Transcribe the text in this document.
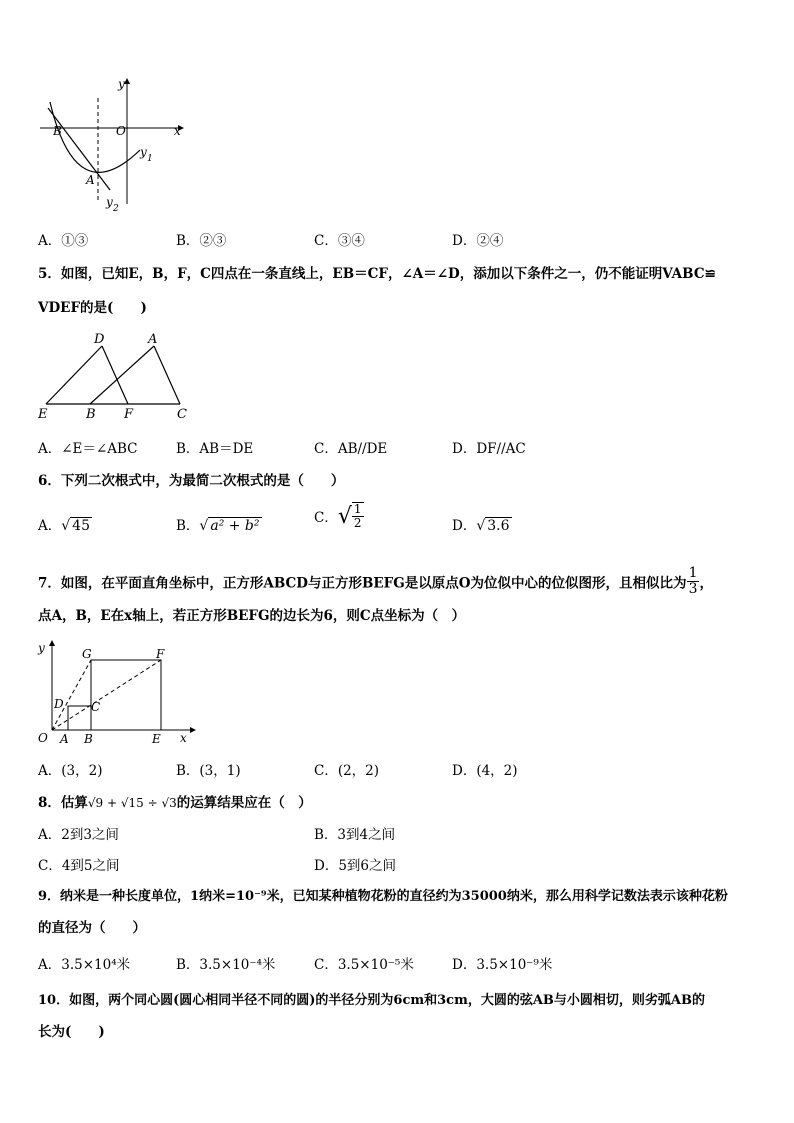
y
x
O
B
A
y 1
y 2
A．①③	B．②③	C．③④	D．②④
5．如图，已知E，B，F，C四点在一条直线上，EB＝CF，∠A＝∠D，添加以下条件之一，仍不能证明VABC≌
VDEF的是(　　)
D	A
E	B F	C
A．∠E＝∠ABC	B．AB＝DE	C．AB//DE	D．DF//AC
6．下列二次根式中，为最简二次根式的是（　　）
A．√ 45	B．√ a² + b²	C．√ $\frac{1}{2}$	D．√ 3.6
7．如图，在平面直角坐标中，正方形ABCD与正方形BEFG是以原点O为位似中心的位似图形，且相似比为 $\frac{1}{3}$ ，
点A，B，E在x轴上，若正方形BEFG的边长为6，则C点坐标为（　）
y
x
G	F
D C
O A B	E
A．(3，2)	B．(3，1)	C．(2，2)	D．(4，2)
8．估算√9 + √15 ÷ √3的运算结果应在（　）
A．2到3之间	B．3到4之间
C．4到5之间	D．5到6之间
9．纳米是一种长度单位，1纳米=10⁻⁹米，已知某种植物花粉的直径约为35000纳米，那么用科学记数法表示该种花粉
的直径为（　　）
A．3.5×10⁴米	B．3.5×10⁻⁴米	C．3.5×10⁻⁵米	D．3.5×10⁻⁹米
10．如图，两个同心圆(圆心相同半径不同的圆)的半径分别为6cm和3cm，大圆的弦AB与小圆相切，则劣弧AB的
长为(　　)
